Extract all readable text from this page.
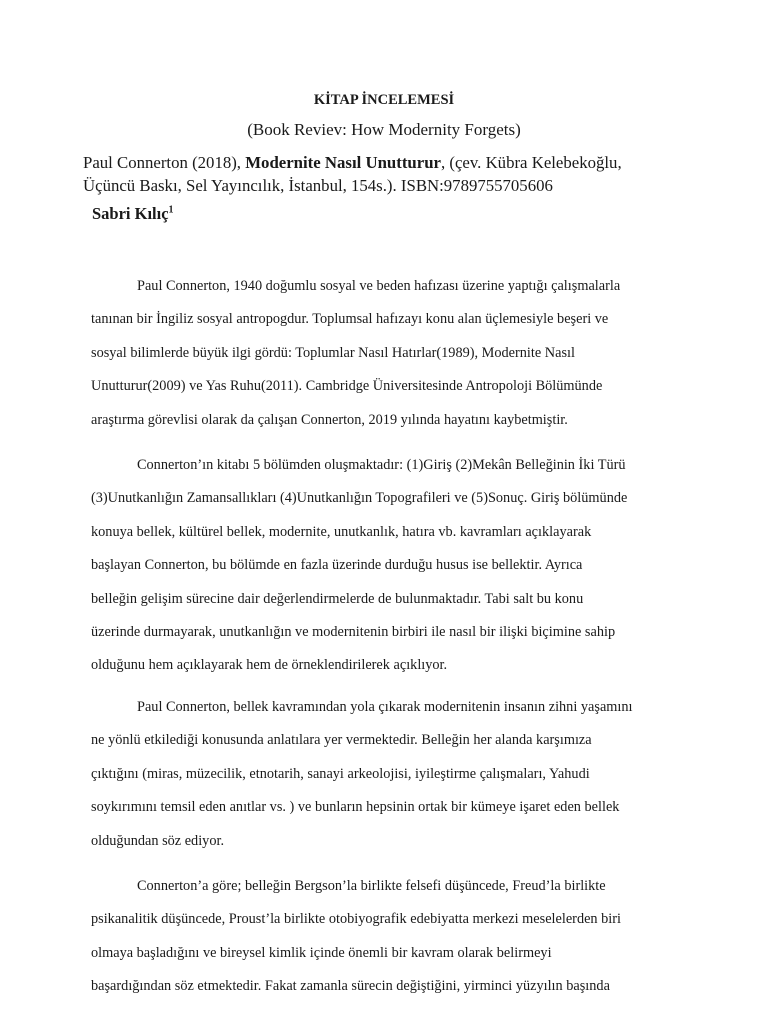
KİTAP İNCELEMESİ
(Book Reviev: How Modernity Forgets)
Paul Connerton (2018), Modernite Nasıl Unutturur, (çev. Kübra Kelebekoğlu,
Üçüncü Baskı, Sel Yayıncılık, İstanbul, 154s.). ISBN:9789755705606
Sabri Kılıç$^1$
Paul Connerton, 1940 doğumlu sosyal ve beden hafızası üzerine yaptığı çalışmalarla
tanınan bir İngiliz sosyal antropogdur. Toplumsal hafızayı konu alan üçlemesiyle beşeri ve
sosyal bilimlerde büyük ilgi gördü: Toplumlar Nasıl Hatırlar(1989), Modernite Nasıl
Unutturur(2009) ve Yas Ruhu(2011). Cambridge Üniversitesinde Antropoloji Bölümünde
araştırma görevlisi olarak da çalışan Connerton, 2019 yılında hayatını kaybetmiştir.
Connerton’ın kitabı 5 bölümden oluşmaktadır: (1)Giriş (2)Mekân Belleğinin İki Türü
(3)Unutkanlığın Zamansallıkları (4)Unutkanlığın Topografileri ve (5)Sonuç. Giriş bölümünde
konuya bellek, kültürel bellek, modernite, unutkanlık, hatıra vb. kavramları açıklayarak
başlayan Connerton, bu bölümde en fazla üzerinde durduğu husus ise bellektir. Ayrıca
belleğin gelişim sürecine dair değerlendirmelerde de bulunmaktadır. Tabi salt bu konu
üzerinde durmayarak, unutkanlığın ve modernitenin birbiri ile nasıl bir ilişki biçimine sahip
olduğunu hem açıklayarak hem de örneklendirilerek açıklıyor.
Paul Connerton, bellek kavramından yola çıkarak modernitenin insanın zihni yaşamını
ne yönlü etkilediği konusunda anlatılara yer vermektedir. Belleğin her alanda karşımıza
çıktığını (miras, müzecilik, etnotarih, sanayi arkeolojisi, iyileştirme çalışmaları, Yahudi
soykırımını temsil eden anıtlar vs. ) ve bunların hepsinin ortak bir kümeye işaret eden bellek
olduğundan söz ediyor.
Connerton’a göre; belleğin Bergson’la birlikte felsefi düşüncede, Freud’la birlikte
psikanalitik düşüncede, Proust’la birlikte otobiyografik edebiyatta merkezi meselelerden biri
olmaya başladığını ve bireysel kimlik içinde önemli bir kavram olarak belirmeyi
başardığından söz etmektedir. Fakat zamanla sürecin değiştiğini, yirminci yüzyılın başında
